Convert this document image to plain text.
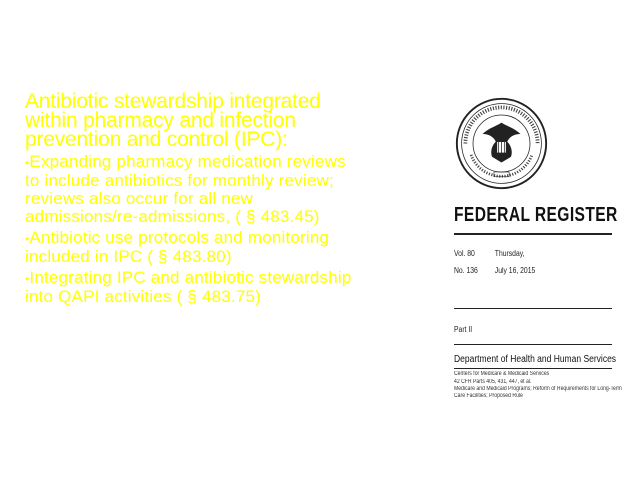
Antibiotic stewardship integrated within pharmacy and infection prevention and control (IPC):
•Expanding pharmacy medication reviews to include antibiotics for monthly review; reviews also occur for all new admissions/re-admissions, ( § 483.45)
•Antibiotic use protocols and monitoring included in IPC ( § 483.80)
•Integrating IPC and antibiotic stewardship into QAPI activities ( § 483.75)
FEDERAL REGISTER
Vol. 80	Thursday,
No. 136 July 16, 2015
Part II
Department of Health and Human Services
Centers for Medicare & Medicaid Services
42 CFR Parts 405, 431, 447, et al.
Medicare and Medicaid Programs; Reform of Requirements for Long-Term
Care Facilities; Proposed Rule
